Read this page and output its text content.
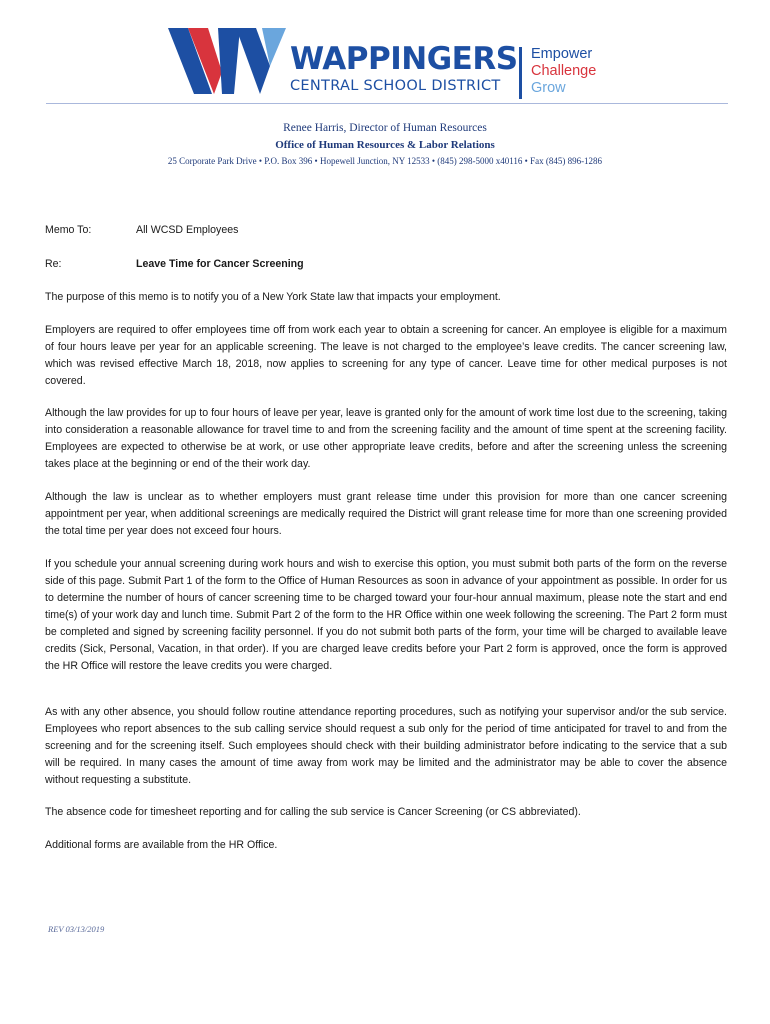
WAPPINGERS
CENTRAL SCHOOL DISTRICT
Empower
Challenge
Grow
Renee Harris, Director of Human Resources
Office of Human Resources & Labor Relations
25 Corporate Park Drive • P.O. Box 396 • Hopewell Junction, NY 12533 • (845) 298-5000 x40116 • Fax (845) 896-1286
Memo To:	All WCSD Employees
Re:	Leave Time for Cancer Screening
The purpose of this memo is to notify you of a New York State law that impacts your employment.
Employers are required to offer employees time off from work each year to obtain a screening for cancer. An employee is eligible for a maximum of four hours leave per year for an applicable screening. The leave is not charged to the employee’s leave credits. The cancer screening law, which was revised effective March 18, 2018, now applies to screening for any type of cancer. Leave time for other medical purposes is not covered.
Although the law provides for up to four hours of leave per year, leave is granted only for the amount of work time lost due to the screening, taking into consideration a reasonable allowance for travel time to and from the screening facility and the amount of time spent at the screening facility. Employees are expected to otherwise be at work, or use other appropriate leave credits, before and after the screening unless the screening takes place at the beginning or end of the their work day.
Although the law is unclear as to whether employers must grant release time under this provision for more than one cancer screening appointment per year, when additional screenings are medically required the District will grant release time for more than one screening provided the total time per year does not exceed four hours.
If you schedule your annual screening during work hours and wish to exercise this option, you must submit both parts of the form on the reverse side of this page. Submit Part 1 of the form to the Office of Human Resources as soon in advance of your appointment as possible. In order for us to determine the number of hours of cancer screening time to be charged toward your four-hour annual maximum, please note the start and end time(s) of your work day and lunch time. Submit Part 2 of the form to the HR Office within one week following the screening. The Part 2 form must be completed and signed by screening facility personnel. If you do not submit both parts of the form, your time will be charged to available leave credits (Sick, Personal, Vacation, in that order). If you are charged leave credits before your Part 2 form is approved, once the form is approved the HR Office will restore the leave credits you were charged.
As with any other absence, you should follow routine attendance reporting procedures, such as notifying your supervisor and/or the sub service. Employees who report absences to the sub calling service should request a sub only for the period of time anticipated for travel to and from the screening and for the screening itself. Such employees should check with their building administrator before indicating to the service that a sub will be required. In many cases the amount of time away from work may be limited and the administrator may be able to cover the absence without requesting a substitute.
The absence code for timesheet reporting and for calling the sub service is Cancer Screening (or CS abbreviated).
Additional forms are available from the HR Office.
REV 03/13/2019
